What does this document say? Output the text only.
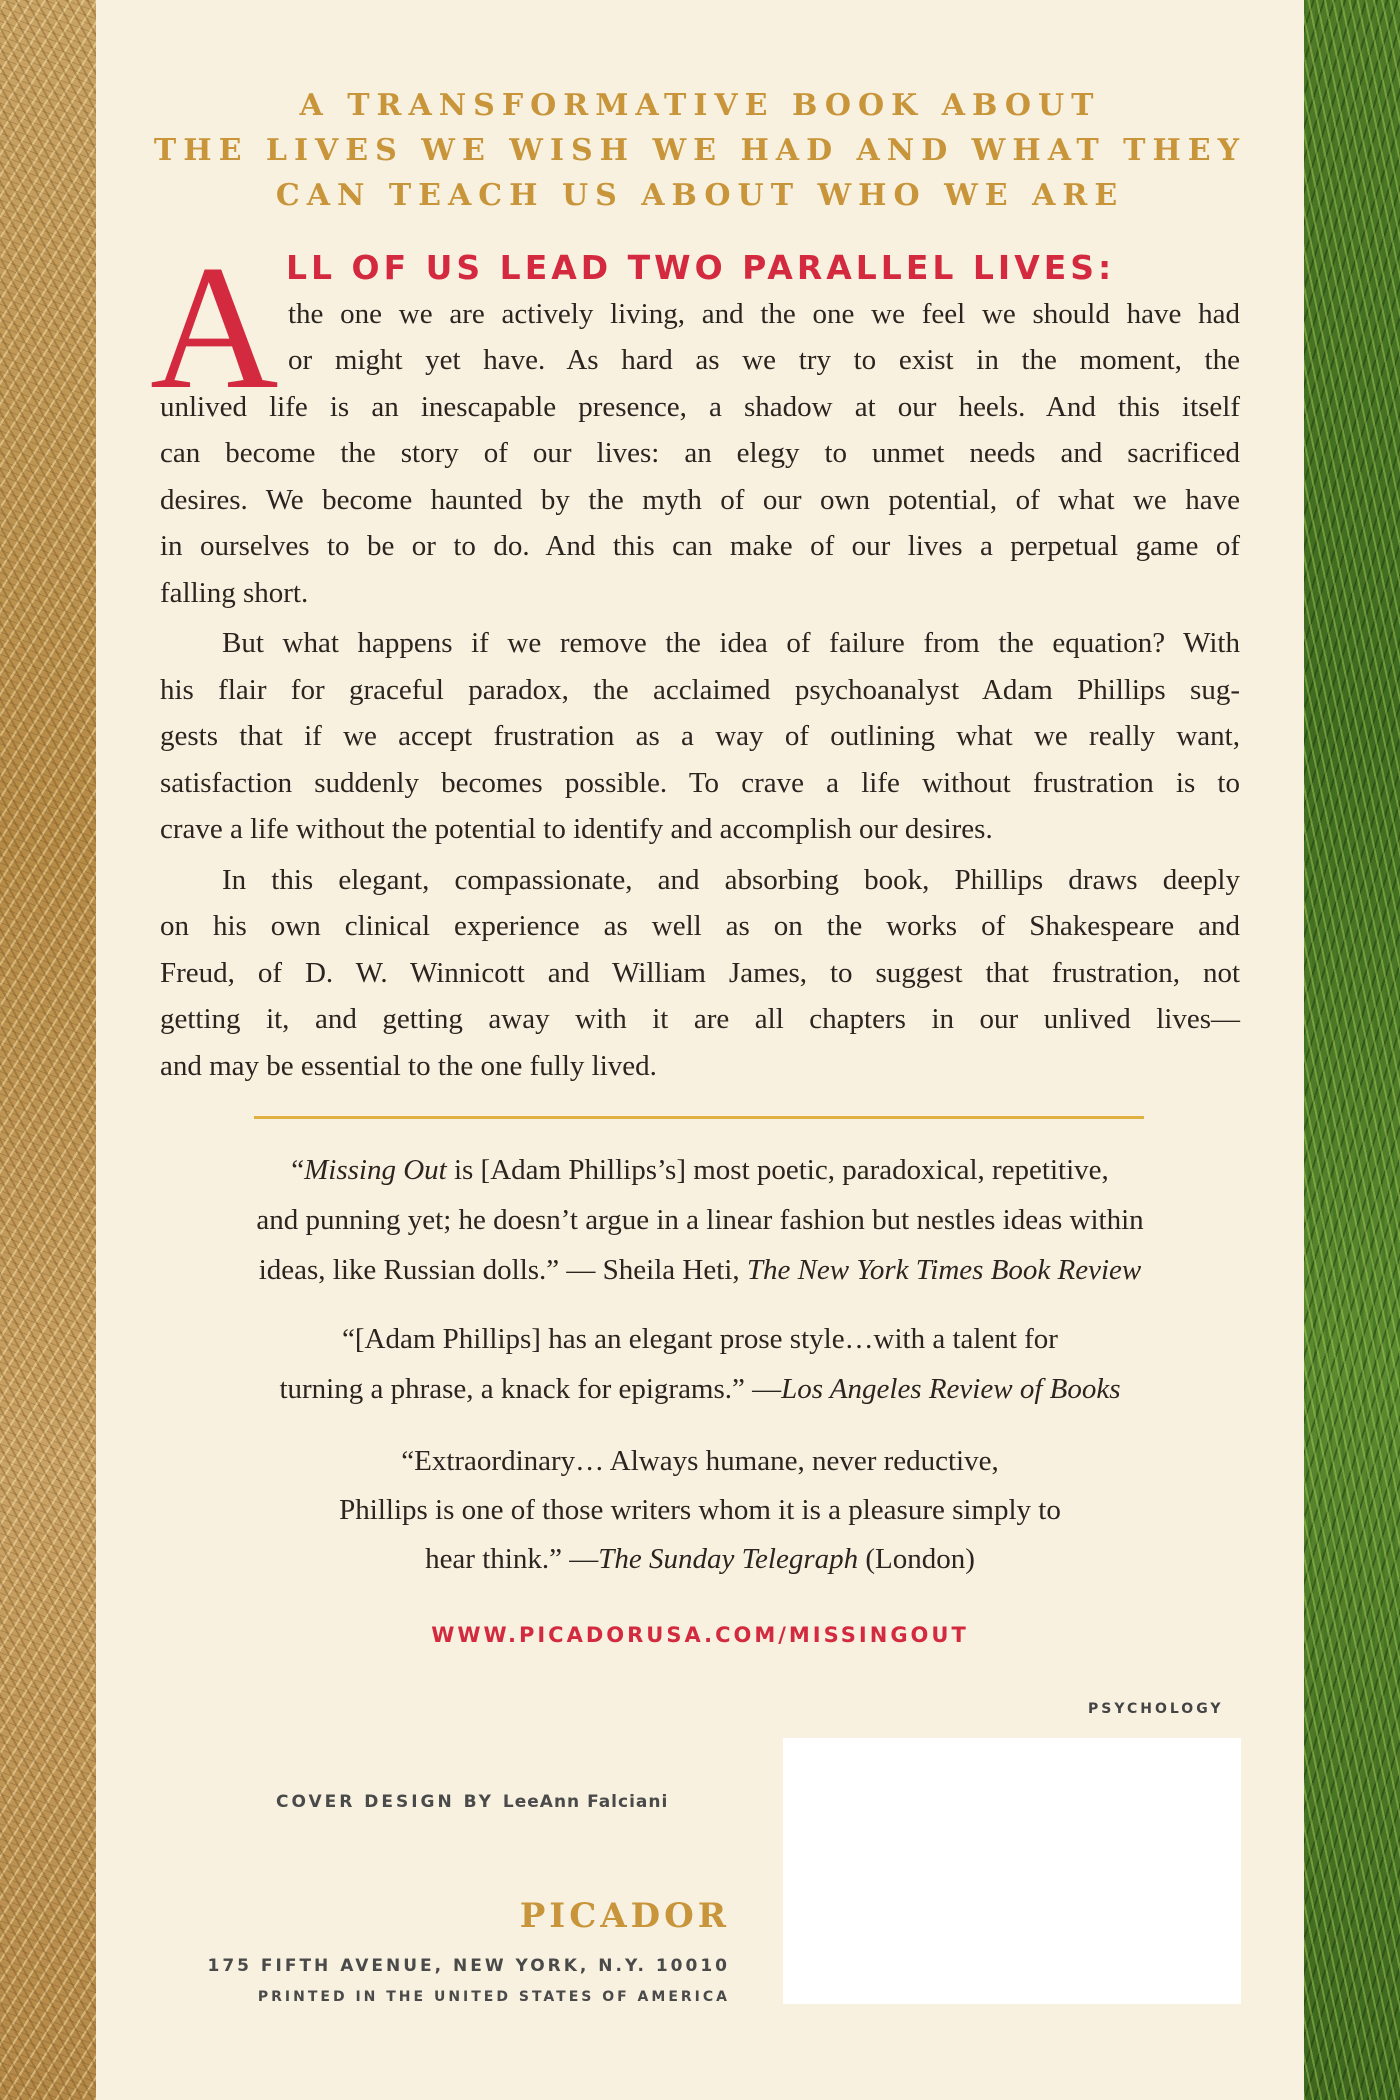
A TRANSFORMATIVE BOOK ABOUT

THE LIVES WE WISH WE HAD AND WHAT THEY

CAN TEACH US ABOUT WHO WE ARE

A LL OF US LEAD TWO PARALLEL LIVES:

the one we are actively living, and the one we feel we should have had

or might yet have. As hard as we try to exist in the moment, the

unlived life is an inescapable presence, a shadow at our heels. And this itself

can become the story of our lives: an elegy to unmet needs and sacrificed

desires. We become haunted by the myth of our own potential, of what we have

in ourselves to be or to do. And this can make of our lives a perpetual game of

falling short.

But what happens if we remove the idea of failure from the equation? With

his flair for graceful paradox, the acclaimed psychoanalyst Adam Phillips sug-

gests that if we accept frustration as a way of outlining what we really want,

satisfaction suddenly becomes possible. To crave a life without frustration is to

crave a life without the potential to identify and accomplish our desires.

In this elegant, compassionate, and absorbing book, Phillips draws deeply

on his own clinical experience as well as on the works of Shakespeare and

Freud, of D. W. Winnicott and William James, to suggest that frustration, not

getting it, and getting away with it are all chapters in our unlived lives—

and may be essential to the one fully lived.

“Missing Out is [Adam Phillips’s] most poetic, paradoxical, repetitive,

and punning yet; he doesn’t argue in a linear fashion but nestles ideas within

ideas, like Russian dolls.” — Sheila Heti, The New York Times Book Review

“[Adam Phillips] has an elegant prose style…with a talent for

turning a phrase, a knack for epigrams.” —Los Angeles Review of Books

“Extraordinary… Always humane, never reductive,

Phillips is one of those writers whom it is a pleasure simply to

hear think.” —The Sunday Telegraph (London)

WWW.PICADORUSA.COM/MISSINGOUT

PSYCHOLOGY

COVER DESIGN BY LeeAnn Falciani

PICADOR

175 FIFTH AVENUE, NEW YORK, N.Y. 10010

PRINTED IN THE UNITED STATES OF AMERICA
